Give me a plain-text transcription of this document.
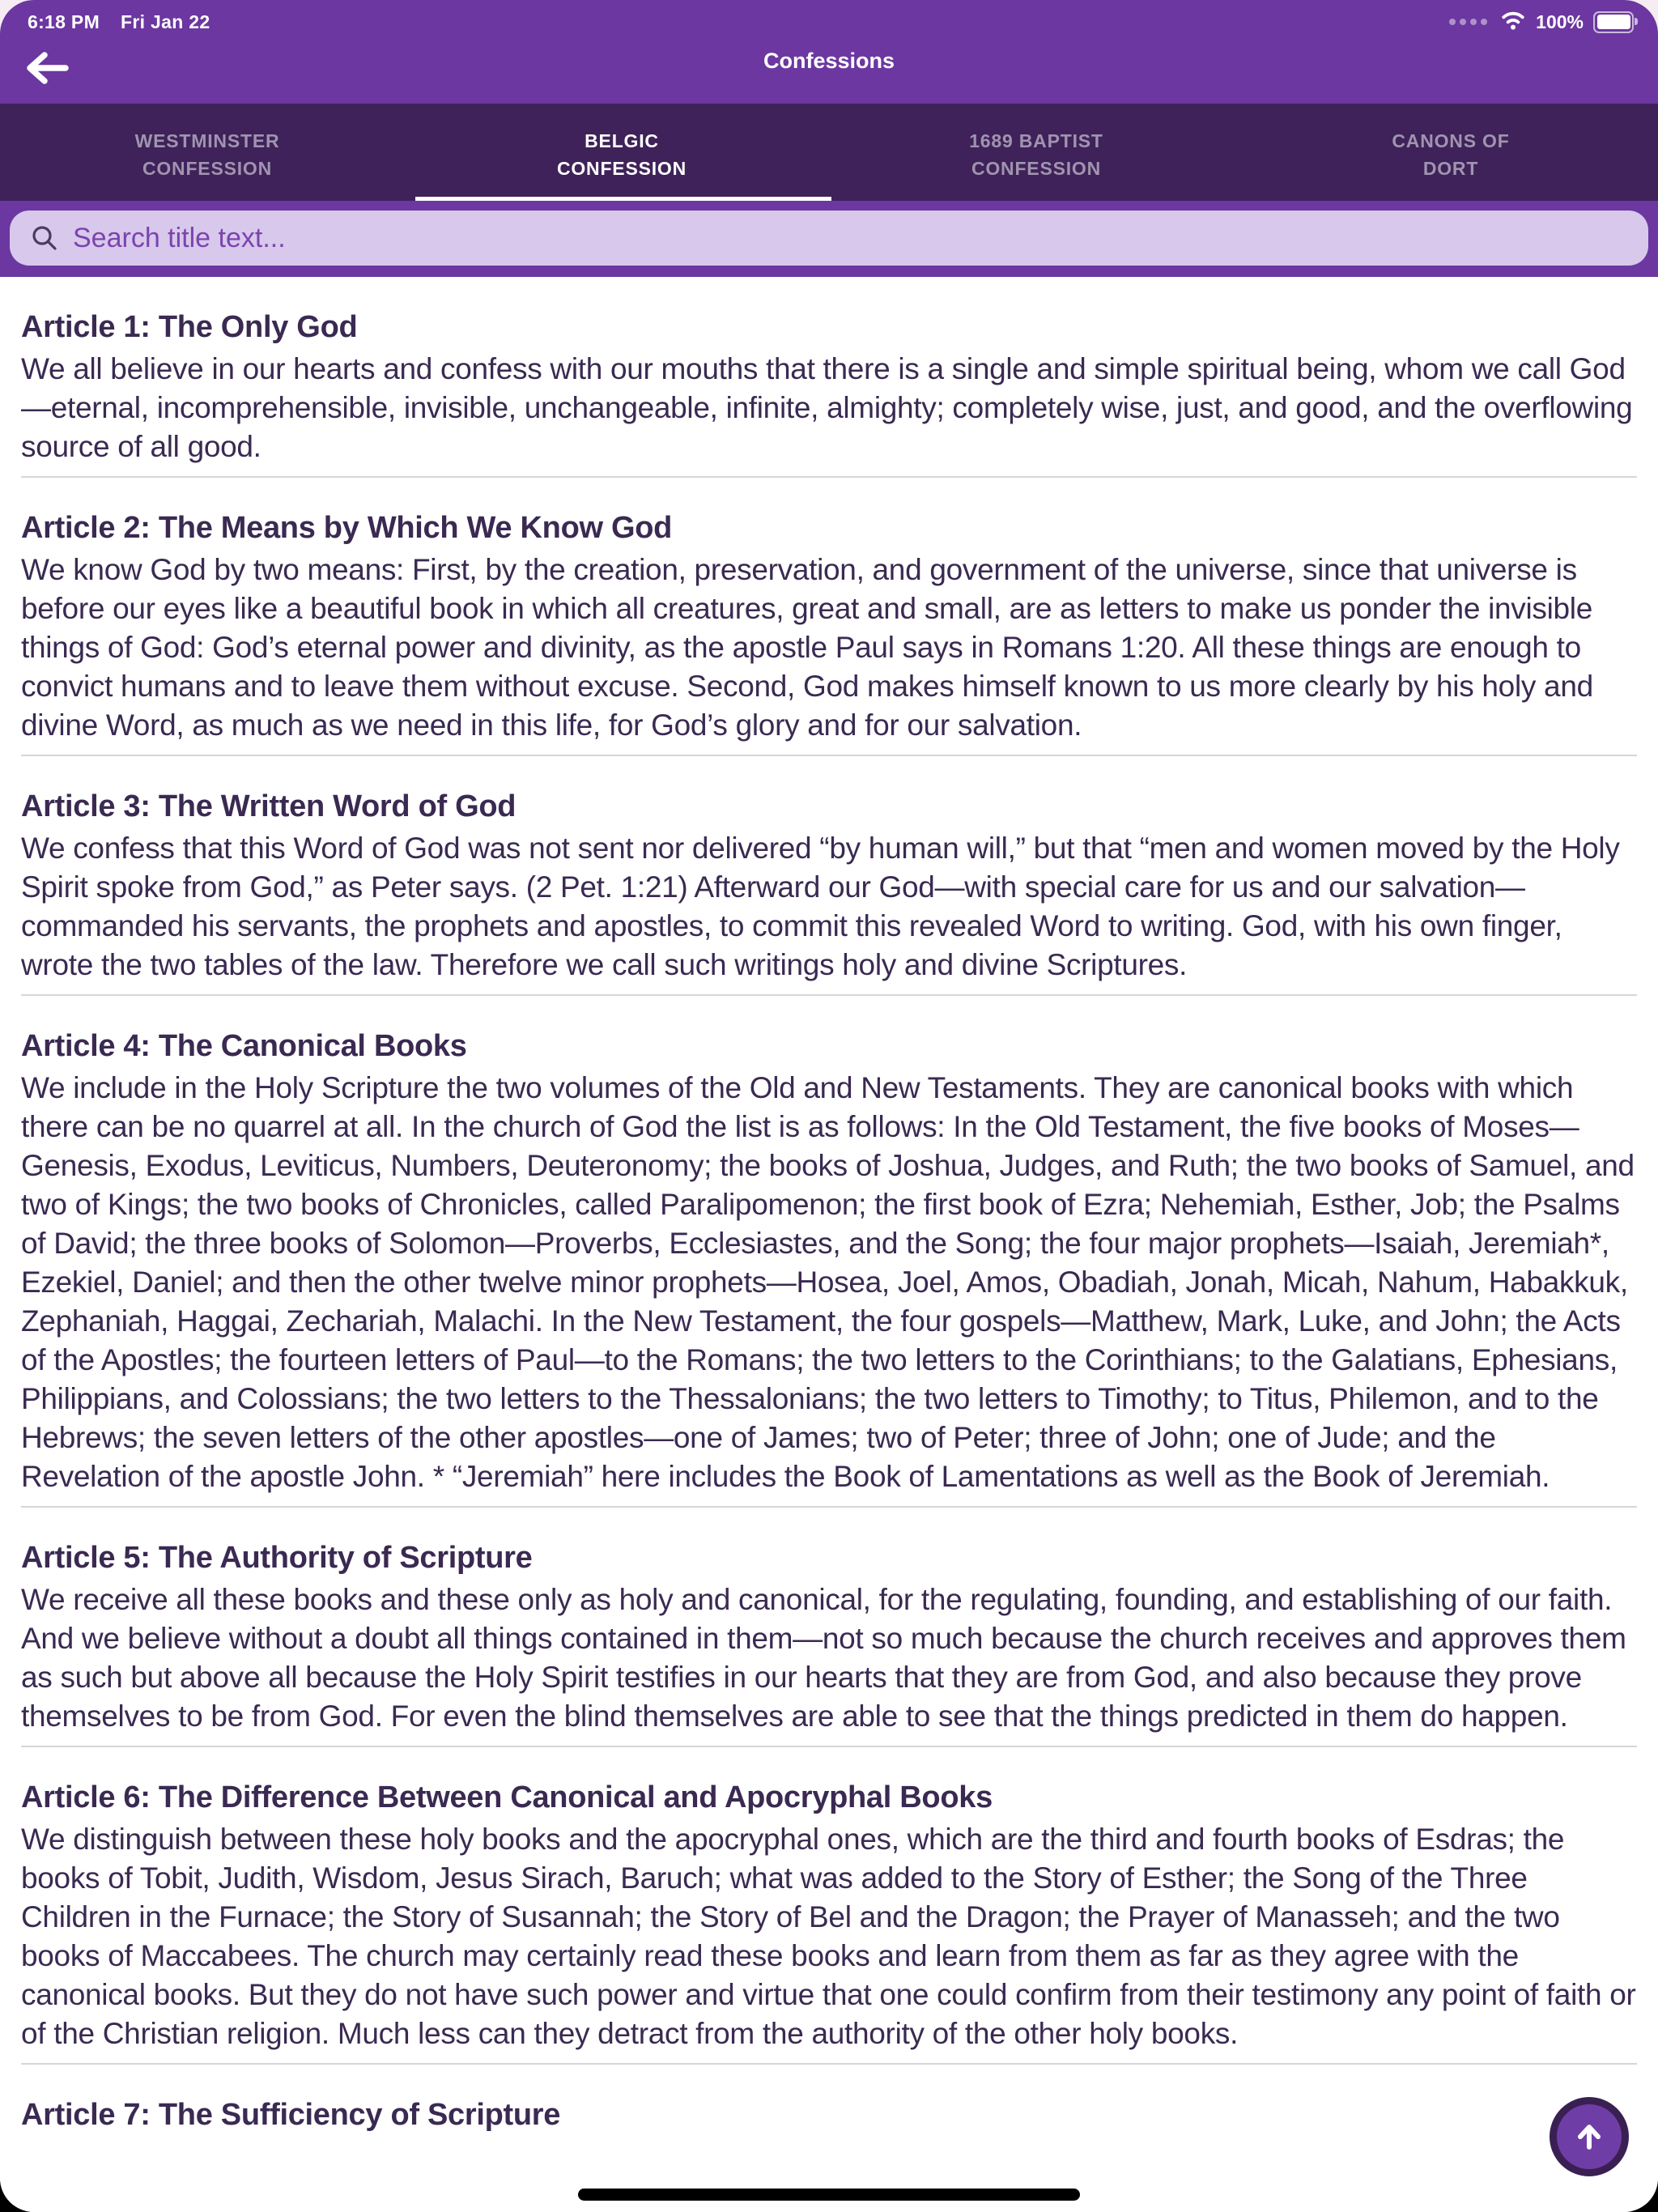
6:18 PM Fri Jan 22	100%
Confessions
WESTMINSTER
CONFESSION
BELGIC
CONFESSION
1689 BAPTIST
CONFESSION
CANONS OF
DORT
Search title text...
Article 1: The Only God

We all believe in our hearts and confess with our mouths that there is a single and simple spiritual being, whom we call God—eternal, incomprehensible, invisible, unchangeable, infinite, almighty; completely wise, just, and good, and the overflowing source of all good.

Article 2: The Means by Which We Know God

We know God by two means: First, by the creation, preservation, and government of the universe, since that universe is before our eyes like a beautiful book in which all creatures, great and small, are as letters to make us ponder the invisible things of God: God’s eternal power and divinity, as the apostle Paul says in Romans 1:20. All these things are enough to convict humans and to leave them without excuse. Second, God makes himself known to us more clearly by his holy and divine Word, as much as we need in this life, for God’s glory and for our salvation.

Article 3: The Written Word of God

We confess that this Word of God was not sent nor delivered “by human will,” but that “men and women moved by the Holy Spirit spoke from God,” as Peter says. (2 Pet. 1:21) Afterward our God—with special care for us and our salvation—commanded his servants, the prophets and apostles, to commit this revealed Word to writing. God, with his own finger, wrote the two tables of the law. Therefore we call such writings holy and divine Scriptures.

Article 4: The Canonical Books

We include in the Holy Scripture the two volumes of the Old and New Testaments. They are canonical books with which there can be no quarrel at all. In the church of God the list is as follows: In the Old Testament, the five books of Moses—Genesis, Exodus, Leviticus, Numbers, Deuteronomy; the books of Joshua, Judges, and Ruth; the two books of Samuel, and two of Kings; the two books of Chronicles, called Paralipomenon; the first book of Ezra; Nehemiah, Esther, Job; the Psalms of David; the three books of Solomon—Proverbs, Ecclesiastes, and the Song; the four major prophets—Isaiah, Jeremiah*, Ezekiel, Daniel; and then the other twelve minor prophets—Hosea, Joel, Amos, Obadiah, Jonah, Micah, Nahum, Habakkuk, Zephaniah, Haggai, Zechariah, Malachi. In the New Testament, the four gospels—Matthew, Mark, Luke, and John; the Acts of the Apostles; the fourteen letters of Paul—to the Romans; the two letters to the Corinthians; to the Galatians, Ephesians, Philippians, and Colossians; the two letters to the Thessalonians; the two letters to Timothy; to Titus, Philemon, and to the Hebrews; the seven letters of the other apostles—one of James; two of Peter; three of John; one of Jude; and the Revelation of the apostle John. * “Jeremiah” here includes the Book of Lamentations as well as the Book of Jeremiah.

Article 5: The Authority of Scripture

We receive all these books and these only as holy and canonical, for the regulating, founding, and establishing of our faith. And we believe without a doubt all things contained in them—not so much because the church receives and approves them as such but above all because the Holy Spirit testifies in our hearts that they are from God, and also because they prove themselves to be from God. For even the blind themselves are able to see that the things predicted in them do happen.

Article 6: The Difference Between Canonical and Apocryphal Books

We distinguish between these holy books and the apocryphal ones, which are the third and fourth books of Esdras; the books of Tobit, Judith, Wisdom, Jesus Sirach, Baruch; what was added to the Story of Esther; the Song of the Three Children in the Furnace; the Story of Susannah; the Story of Bel and the Dragon; the Prayer of Manasseh; and the two books of Maccabees. The church may certainly read these books and learn from them as far as they agree with the canonical books. But they do not have such power and virtue that one could confirm from their testimony any point of faith or of the Christian religion. Much less can they detract from the authority of the other holy books.

Article 7: The Sufficiency of Scripture
